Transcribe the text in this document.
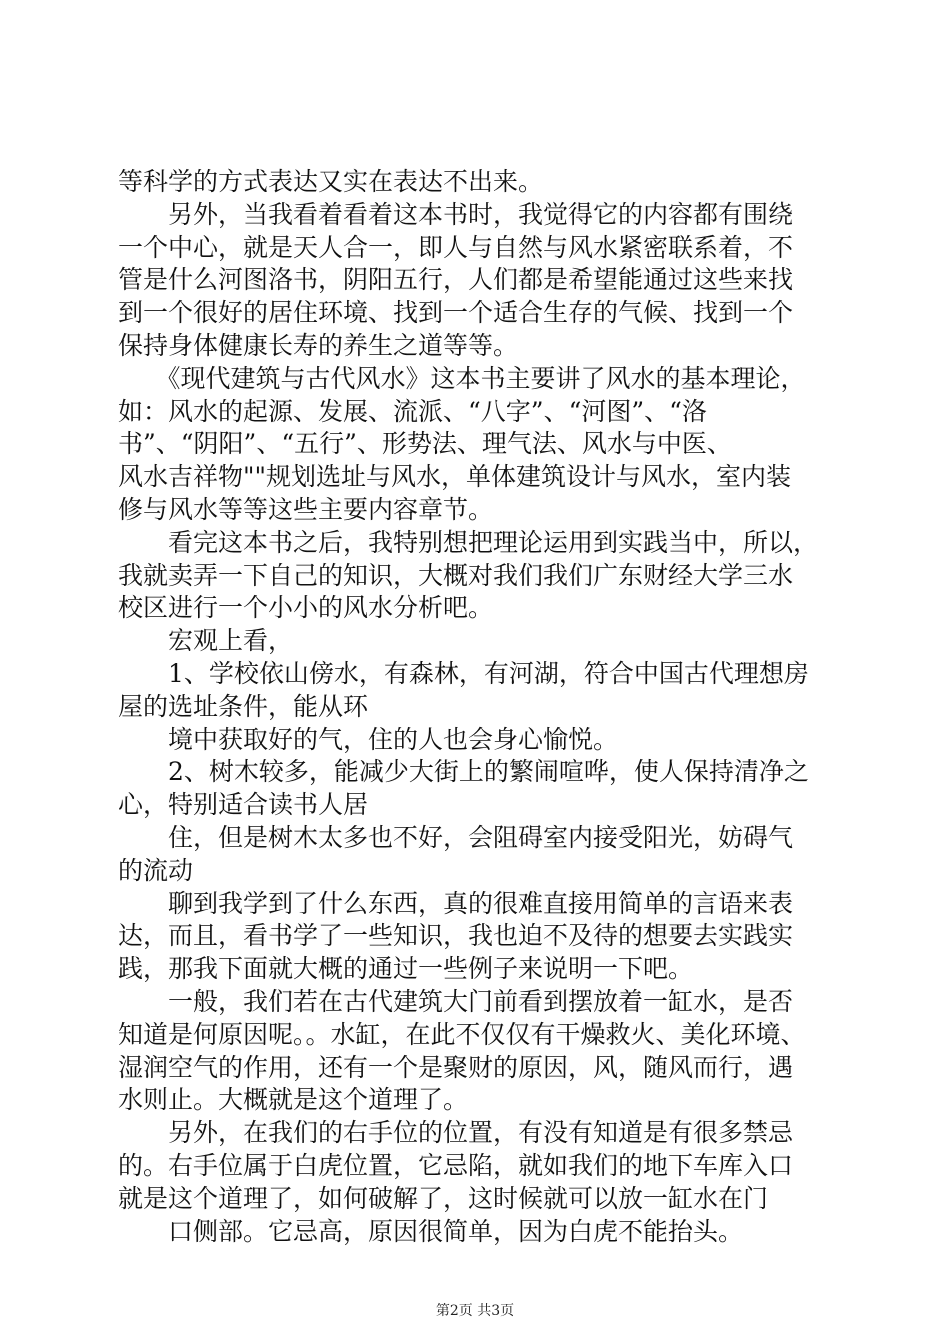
等科学的方式表达又实在表达不出来。
　　另外，当我看着看着这本书时，我觉得它的内容都有围绕
一个中心，就是天人合一，即人与自然与风水紧密联系着，不
管是什么河图洛书，阴阳五行，人们都是希望能通过这些来找
到一个很好的居住环境、找到一个适合生存的气候、找到一个
保持身体健康长寿的养生之道等等。
　　《现代建筑与古代风水》这本书主要讲了风水的基本理论，
如：风水的起源、发展、流派、“八字”、“河图”、“洛
书”、“阴阳”、“五行”、形势法、理气法、风水与中医、
风水吉祥物""规划选址与风水，单体建筑设计与风水，室内装
修与风水等等这些主要内容章节。
　　看完这本书之后，我特别想把理论运用到实践当中，所以，
我就卖弄一下自己的知识，大概对我们我们广东财经大学三水
校区进行一个小小的风水分析吧。
　　宏观上看，
　　1、学校依山傍水，有森林，有河湖，符合中国古代理想房
屋的选址条件，能从环
　　境中获取好的气，住的人也会身心愉悦。
　　2、树木较多，能减少大街上的繁闹喧哗，使人保持清净之
心，特别适合读书人居
　　住，但是树木太多也不好，会阻碍室内接受阳光，妨碍气
的流动
　　聊到我学到了什么东西，真的很难直接用简单的言语来表
达，而且，看书学了一些知识，我也迫不及待的想要去实践实
践，那我下面就大概的通过一些例子来说明一下吧。
　　一般，我们若在古代建筑大门前看到摆放着一缸水，是否
知道是何原因呢。。水缸，在此不仅仅有干燥救火、美化环境、
湿润空气的作用，还有一个是聚财的原因，风，随风而行，遇
水则止。大概就是这个道理了。
　　另外，在我们的右手位的位置，有没有知道是有很多禁忌
的。右手位属于白虎位置，它忌陷，就如我们的地下车库入口
就是这个道理了，如何破解了，这时候就可以放一缸水在门
　　口侧部。它忌高，原因很简单，因为白虎不能抬头。
第2页 共3页
